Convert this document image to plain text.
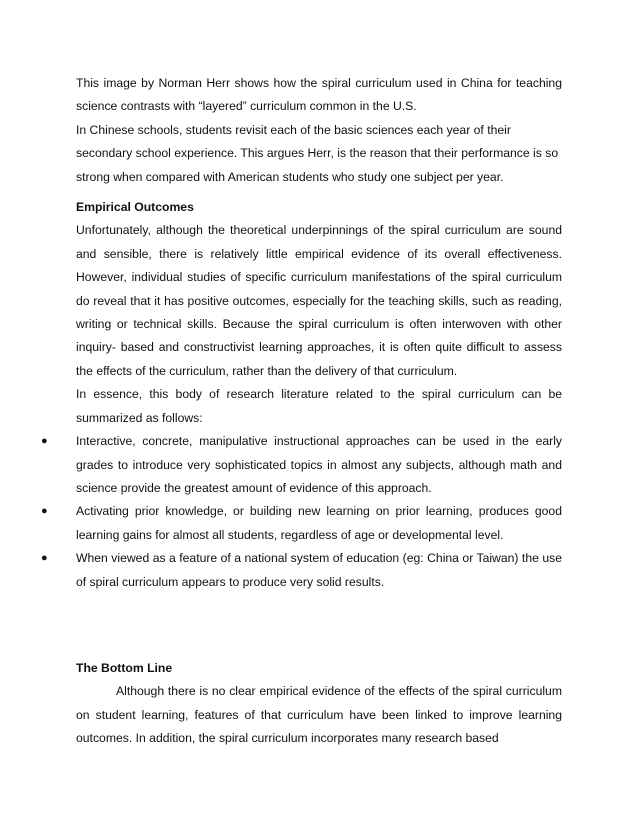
This image by Norman Herr shows how the spiral curriculum used in China for teaching science contrasts with “layered” curriculum common in the U.S.

In Chinese schools, students revisit each of the basic sciences each year of their secondary school experience. This argues Herr, is the reason that their performance is so strong when compared with American students who study one subject per year.

Empirical Outcomes

Unfortunately, although the theoretical underpinnings of the spiral curriculum are sound and sensible, there is relatively little empirical evidence of its overall effectiveness. However, individual studies of specific curriculum manifestations of the spiral curriculum do reveal that it has positive outcomes, especially for the teaching skills, such as reading, writing or technical skills. Because the spiral curriculum is often interwoven with other inquiry- based and constructivist learning approaches, it is often quite difficult to assess the effects of the curriculum, rather than the delivery of that curriculum.

In essence, this body of research literature related to the spiral curriculum can be summarized as follows:

● Interactive, concrete, manipulative instructional approaches can be used in the early grades to introduce very sophisticated topics in almost any subjects, although math and science provide the greatest amount of evidence of this approach.
● Activating prior knowledge, or building new learning on prior learning, produces good learning gains for almost all students, regardless of age or developmental level.
● When viewed as a feature of a national system of education (eg: China or Taiwan) the use of spiral curriculum appears to produce very solid results.
The Bottom Line

Although there is no clear empirical evidence of the effects of the spiral curriculum on student learning, features of that curriculum have been linked to improve learning outcomes. In addition, the spiral curriculum incorporates many research based
